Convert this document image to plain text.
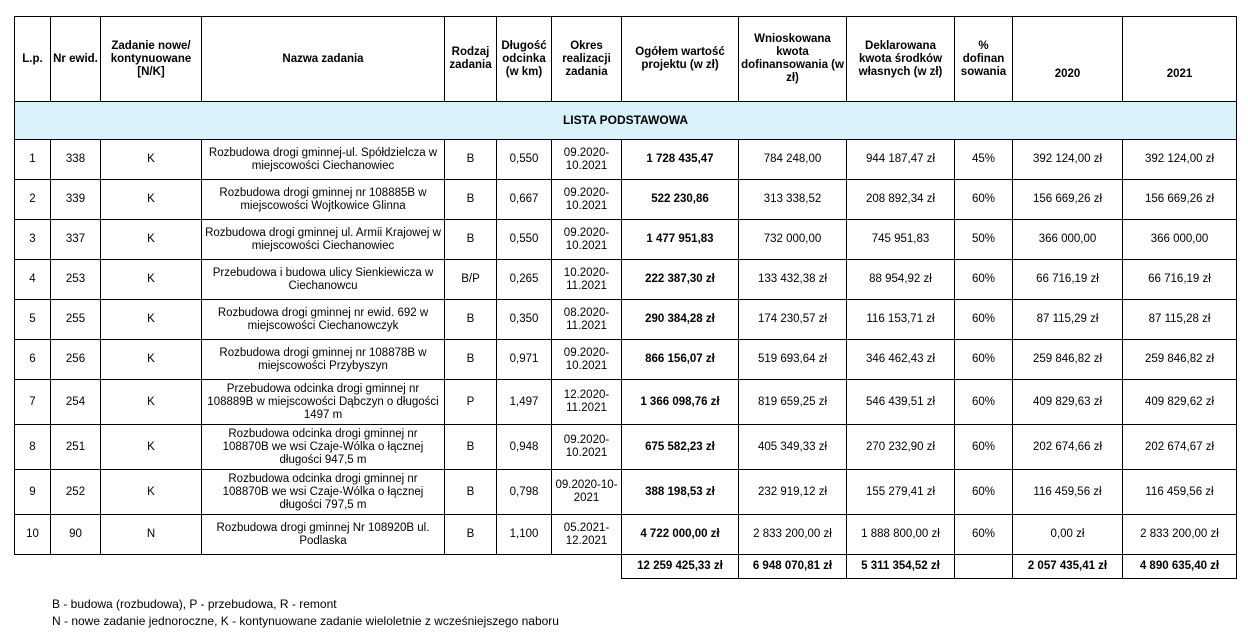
L.p.	Nr ewid.	Zadanie nowe/ kontynuowane [N/K]	Nazwa zadania	Rodzaj zadania	Długość odcinka (w km)	Okres realizacji zadania	Ogółem wartość projektu (w zł)	Wnioskowana kwota dofinansowania (w zł)	Deklarowana kwota środków własnych (w zł)	% dofinan sowania	2020	2021
LISTA PODSTAWOWA												
1	338	K	Rozbudowa drogi gminnej-ul. Spółdzielcza w miejscowości Ciechanowiec	B	0,550	09.2020-10.2021	1 728 435,47	784 248,00	944 187,47 zł	45%	392 124,00 zł	392 124,00 zł
2	339	K	Rozbudowa drogi gminnej nr 108885B w miejscowości Wojtkowice Glinna	B	0,667	09.2020-10.2021	522 230,86	313 338,52	208 892,34 zł	60%	156 669,26 zł	156 669,26 zł
3	337	K	Rozbudowa drogi gminnej ul. Armii Krajowej w miejscowości Ciechanowiec	B	0,550	09.2020-10.2021	1 477 951,83	732 000,00	745 951,83	50%	366 000,00	366 000,00
4	253	K	Przebudowa i budowa ulicy Sienkiewicza w Ciechanowcu	B/P	0,265	10.2020-11.2021	222 387,30 zł	133 432,38 zł	88 954,92 zł	60%	66 716,19 zł	66 716,19 zł
5	255	K	Rozbudowa drogi gminnej nr ewid. 692 w miejscowości Ciechanowczyk	B	0,350	08.2020-11.2021	290 384,28 zł	174 230,57 zł	116 153,71 zł	60%	87 115,29 zł	87 115,28 zł
6	256	K	Rozbudowa drogi gminnej nr 108878B w miejscowości Przybyszyn	B	0,971	09.2020-10.2021	866 156,07 zł	519 693,64 zł	346 462,43 zł	60%	259 846,82 zł	259 846,82 zł
7	254	K	Przebudowa odcinka drogi gminnej nr 108889B w miejscowości Dąbczyn o długości 1497 m	P	1,497	12.2020-11.2021	1 366 098,76 zł	819 659,25 zł	546 439,51 zł	60%	409 829,63 zł	409 829,62 zł
8	251	K	Rozbudowa odcinka drogi gminnej nr 108870B we wsi Czaje-Wólka o łącznej długości 947,5 m	B	0,948	09.2020-10.2021	675 582,23 zł	405 349,33 zł	270 232,90 zł	60%	202 674,66 zł	202 674,67 zł
9	252	K	Rozbudowa odcinka drogi gminnej nr 108870B we wsi Czaje-Wólka o łącznej długości 797,5 m	B	0,798	09.2020-10-2021	388 198,53 zł	232 919,12 zł	155 279,41 zł	60%	116 459,56 zł	116 459,56 zł
10	90	N	Rozbudowa drogi gminnej Nr 108920B ul. Podlaska	B	1,100	05.2021-12.2021	4 722 000,00 zł	2 833 200,00 zł	1 888 800,00 zł	60%	0,00 zł	2 833 200,00 zł
							12 259 425,33 zł	6 948 070,81 zł	5 311 354,52 zł		2 057 435,41 zł	4 890 635,40 zł
B - budowa (rozbudowa), P - przebudowa, R - remont
N - nowe zadanie jednoroczne, K - kontynuowane zadanie wieloletnie z wcześniejszego naboru
